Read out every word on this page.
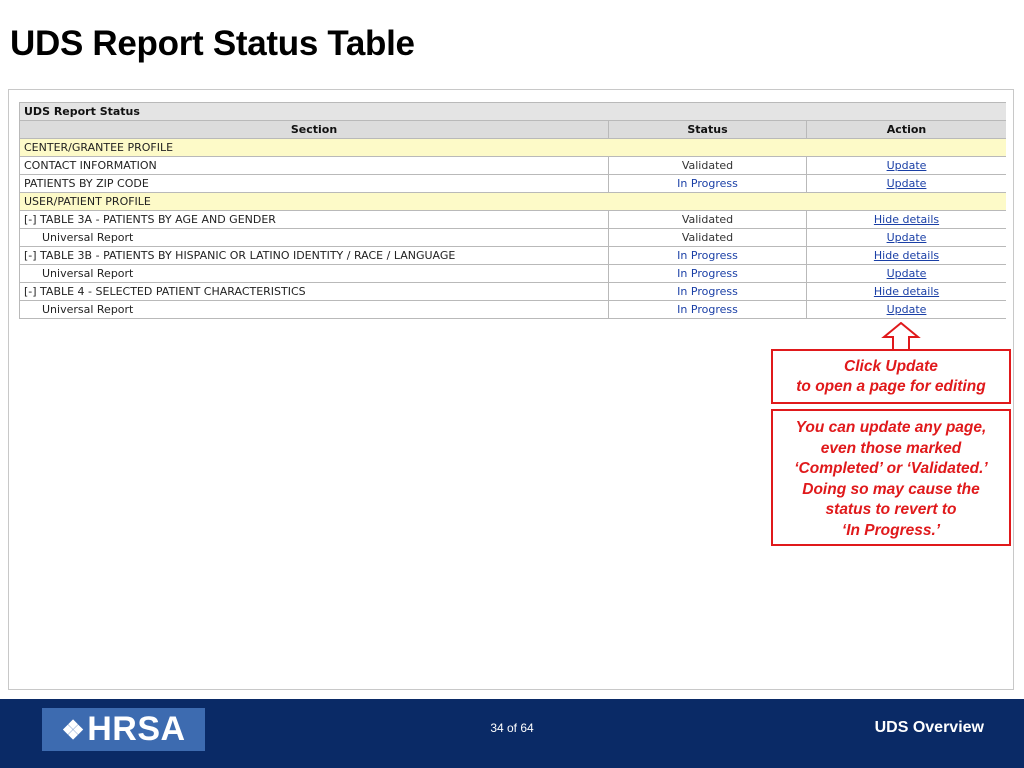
UDS Report Status Table
UDS Report Status		
Section	Status	Action
CENTER/GRANTEE PROFILE		
CONTACT INFORMATION	Validated	Update
PATIENTS BY ZIP CODE	In Progress	Update
USER/PATIENT PROFILE		
[-] TABLE 3A - PATIENTS BY AGE AND GENDER	Validated	Hide details
Universal Report	Validated	Update
[-] TABLE 3B - PATIENTS BY HISPANIC OR LATINO IDENTITY / RACE / LANGUAGE	In Progress	Hide details
Universal Report	In Progress	Update
[-] TABLE 4 - SELECTED PATIENT CHARACTERISTICS	In Progress	Hide details
Universal Report	In Progress	Update
Click Update
to open a page for editing
You can update any page,
even those marked
‘Completed’ or ‘Validated.’
Doing so may cause the
status to revert to
‘In Progress.’
❖ HRSA	34 of 64	UDS Overview
